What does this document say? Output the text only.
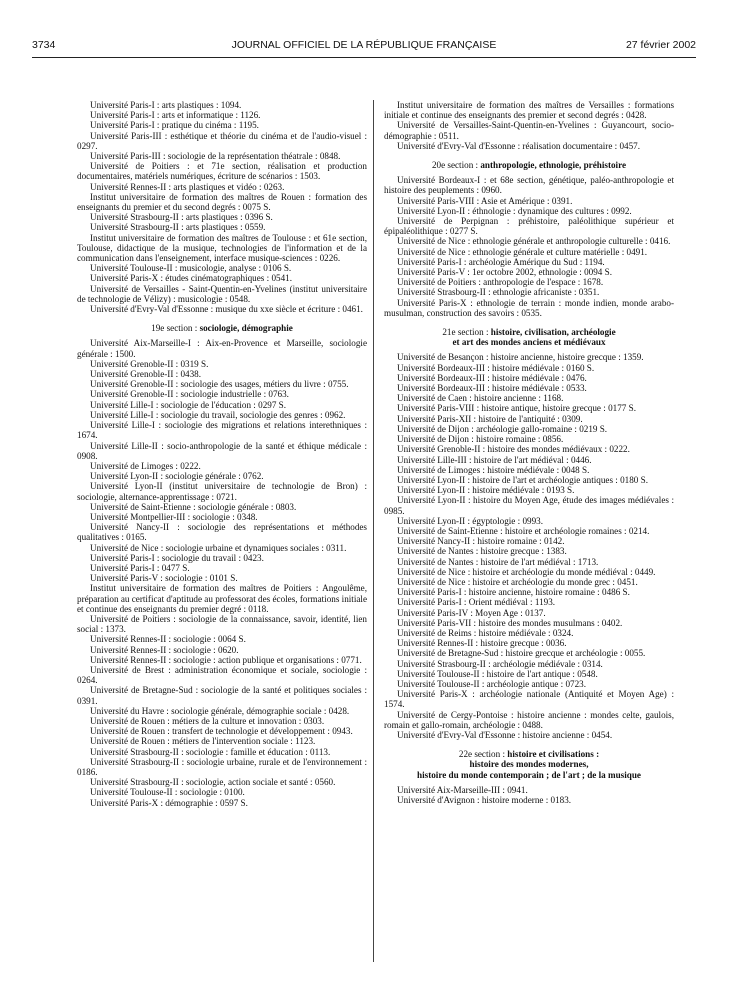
3734	JOURNAL OFFICIEL DE LA RÉPUBLIQUE FRANÇAISE	27 février 2002

Université Paris-I : arts plastiques : 1094.

Université Paris-I : arts et informatique : 1126.

Université Paris-I : pratique du cinéma : 1195.

Université Paris-III : esthétique et théorie du cinéma et de l'audio-visuel : 0297.

Université Paris-III : sociologie de la représentation théatrale : 0848.

Université de Poitiers : et 71e section, réalisation et production documentaires, matériels numériques, écriture de scénarios : 1503.

Université Rennes-II : arts plastiques et vidéo : 0263.

Institut universitaire de formation des maîtres de Rouen : formation des enseignants du premier et du second degrés : 0075 S.

Université Strasbourg-II : arts plastiques : 0396 S.

Université Strasbourg-II : arts plastiques : 0559.

Institut universitaire de formation des maîtres de Toulouse : et 61e section, Toulouse, didactique de la musique, technologies de l'information et de la communication dans l'enseignement, interface musique-sciences : 0226.

Université Toulouse-II : musicologie, analyse : 0106 S.

Université Paris-X : études cinématographiques : 0541.

Université de Versailles - Saint-Quentin-en-Yvelines (institut universitaire de technologie de Vélizy) : musicologie : 0548.

Université d'Evry-Val d'Essonne : musique du xxe siècle et écriture : 0461.

19e section : sociologie, démographie

Université Aix-Marseille-I : Aix-en-Provence et Marseille, sociologie générale : 1500.

Université Grenoble-II : 0319 S.

Université Grenoble-II : 0438.

Université Grenoble-II : sociologie des usages, métiers du livre : 0755.

Université Grenoble-II : sociologie industrielle : 0763.

Université Lille-I : sociologie de l'éducation : 0297 S.

Université Lille-I : sociologie du travail, sociologie des genres : 0962.

Université Lille-I : sociologie des migrations et relations interethniques : 1674.

Université Lille-II : socio-anthropologie de la santé et éthique médicale : 0908.

Université de Limoges : 0222.

Université Lyon-II : sociologie générale : 0762.

Université Lyon-II (institut universitaire de technologie de Bron) : sociologie, alternance-apprentissage : 0721.

Université de Saint-Etienne : sociologie générale : 0803.

Université Montpellier-III : sociologie : 0348.

Université Nancy-II : sociologie des représentations et méthodes qualitatives : 0165.

Université de Nice : sociologie urbaine et dynamiques sociales : 0311.

Université Paris-I : sociologie du travail : 0423.

Université Paris-I : 0477 S.

Université Paris-V : sociologie : 0101 S.

Institut universitaire de formation des maîtres de Poitiers : Angoulême, préparation au certificat d'aptitude au professorat des écoles, formations initiale et continue des enseignants du premier degré : 0118.

Université de Poitiers : sociologie de la connaissance, savoir, identité, lien social : 1373.

Université Rennes-II : sociologie : 0064 S.

Université Rennes-II : sociologie : 0620.

Université Rennes-II : sociologie : action publique et organisations : 0771.

Université de Brest : administration économique et sociale, sociologie : 0264.

Université de Bretagne-Sud : sociologie de la santé et politiques sociales : 0391.

Université du Havre : sociologie générale, démographie sociale : 0428.

Université de Rouen : métiers de la culture et innovation : 0303.

Université de Rouen : transfert de technologie et développement : 0943.

Université de Rouen : métiers de l'intervention sociale : 1123.

Université Strasbourg-II : sociologie : famille et éducation : 0113.

Université Strasbourg-II : sociologie urbaine, rurale et de l'environnement : 0186.

Université Strasbourg-II : sociologie, action sociale et santé : 0560.

Université Toulouse-II : sociologie : 0100.

Université Paris-X : démographie : 0597 S.

Institut universitaire de formation des maîtres de Versailles : formations initiale et continue des enseignants des premier et second degrés : 0428.

Université de Versailles-Saint-Quentin-en-Yvelines : Guyancourt, socio-démographie : 0511.

Université d'Evry-Val d'Essonne : réalisation documentaire : 0457.

20e section : anthropologie, ethnologie, préhistoire

Université Bordeaux-I : et 68e section, génétique, paléo-anthropologie et histoire des peuplements : 0960.

Université Paris-VIII : Asie et Amérique : 0391.

Université Lyon-II : éthnologie : dynamique des cultures : 0992.

Université de Perpignan : préhistoire, paléolithique supérieur et épipaléolithique : 0277 S.

Université de Nice : ethnologie générale et anthropologie culturelle : 0416.

Université de Nice : ethnologie générale et culture matérielle : 0491.

Université Paris-I : archéologie Amérique du Sud : 1194.

Université Paris-V : 1er octobre 2002, ethnologie : 0094 S.

Université de Poitiers : anthropologie de l'espace : 1678.

Université Strasbourg-II : ethnologie africaniste : 0351.

Université Paris-X : ethnologie de terrain : monde indien, monde arabo-musulman, construction des savoirs : 0535.

21e section : histoire, civilisation, archéologie
et art des mondes anciens et médiévaux

Université de Besançon : histoire ancienne, histoire grecque : 1359.

Université Bordeaux-III : histoire médiévale : 0160 S.

Université Bordeaux-III : histoire médiévale : 0476.

Université Bordeaux-III : histoire médiévale : 0533.

Université de Caen : histoire ancienne : 1168.

Université Paris-VIII : histoire antique, histoire grecque : 0177 S.

Université Paris-XII : histoire de l'antiquité : 0309.

Université de Dijon : archéologie gallo-romaine : 0219 S.

Université de Dijon : histoire romaine : 0856.

Université Grenoble-II : histoire des mondes médiévaux : 0222.

Université Lille-III : histoire de l'art médiéval : 0446.

Université de Limoges : histoire médiévale : 0048 S.

Université Lyon-II : histoire de l'art et archéologie antiques : 0180 S.

Université Lyon-II : histoire médiévale : 0193 S.

Université Lyon-II : histoire du Moyen Age, étude des images médiévales : 0985.

Université Lyon-II : égyptologie : 0993.

Université de Saint-Etienne : histoire et archéologie romaines : 0214.

Université Nancy-II : histoire romaine : 0142.

Université de Nantes : histoire grecque : 1383.

Université de Nantes : histoire de l'art médiéval : 1713.

Université de Nice : histoire et archéologie du monde médiéval : 0449.

Université de Nice : histoire et archéologie du monde grec : 0451.

Université Paris-I : histoire ancienne, histoire romaine : 0486 S.

Université Paris-I : Orient médiéval : 1193.

Université Paris-IV : Moyen Age : 0137.

Université Paris-VII : histoire des mondes musulmans : 0402.

Université de Reims : histoire médiévale : 0324.

Université Rennes-II : histoire grecque : 0036.

Université de Bretagne-Sud : histoire grecque et archéologie : 0055.

Université Strasbourg-II : archéologie médiévale : 0314.

Université Toulouse-II : histoire de l'art antique : 0548.

Université Toulouse-II : archéologie antique : 0723.

Université Paris-X : archéologie nationale (Antiquité et Moyen Age) : 1574.

Université de Cergy-Pontoise : histoire ancienne : mondes celte, gaulois, romain et gallo-romain, archéologie : 0488.

Université d'Evry-Val d'Essonne : histoire ancienne : 0454.

22e section : histoire et civilisations :
histoire des mondes modernes,
histoire du monde contemporain ; de l'art ; de la musique

Université Aix-Marseille-III : 0941.

Université d'Avignon : histoire moderne : 0183.
